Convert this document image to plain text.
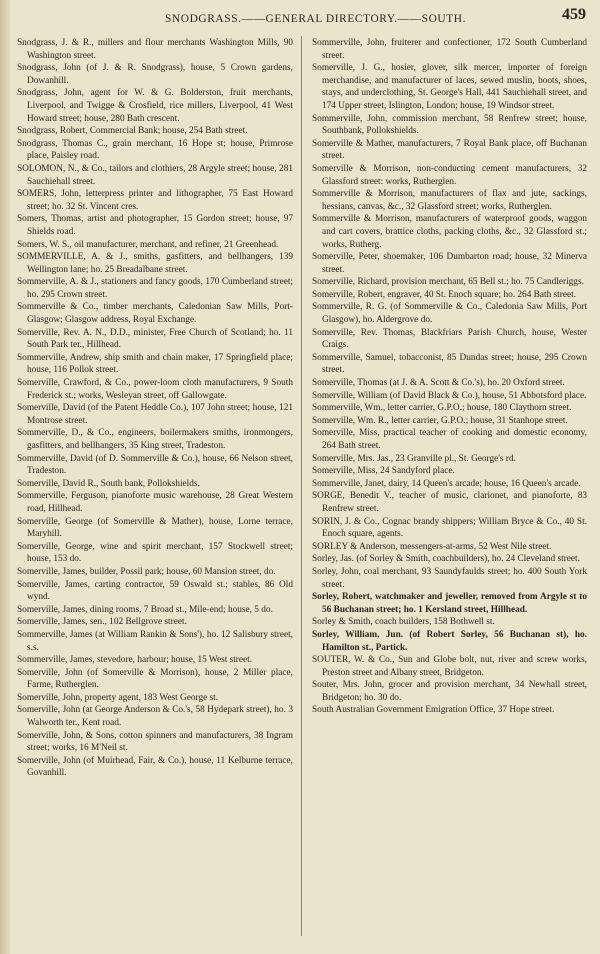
SNODGRASS.——GENERAL DIRECTORY.——SOUTH.	459

Snodgrass, J. & R., millers and flour merchants Washington Mills, 90 Washington street.

Snodgrass, John (of J. & R. Snodgrass), house, 5 Crown gardens, Dowanhill.

Snodgrass, John, agent for W. & G. Bolderston, fruit merchants, Liverpool, and Twigge & Crosfield, rice millers, Liverpool, 41 West Howard street; house, 280 Bath crescent.

Snodgrass, Robert, Commercial Bank; house, 254 Bath street.

Snodgrass, Thomas C., grain merchant, 16 Hope st; house, Primrose place, Paisley road.

SOLOMON, N., & Co., tailors and clothiers, 28 Argyle street; house, 281 Sauchiehall street.

SOMERS, John, letterpress printer and lithographer, 75 East Howard street; ho. 32 St. Vincent cres.

Somers, Thomas, artist and photographer, 15 Gordon street; house, 97 Shields road.

Somers, W. S., oil manufacturer, merchant, and refiner, 21 Greenhead.

SOMMERVILLE, A. & J., smiths, gasfitters, and bellhangers, 139 Wellington lane; ho. 25 Breadalbane street.

Sommerville, A. & J., stationers and fancy goods, 170 Cumberland street; ho. 295 Crown street.

Sommerville & Co., timber merchants, Caledonian Saw Mills, Port-Glasgow; Glasgow address, Royal Exchange.

Somerville, Rev. A. N., D.D., minister, Free Church of Scotland; ho. 11 South Park ter., Hillhead.

Sommerville, Andrew, ship smith and chain maker, 17 Springfield place; house, 116 Pollok street.

Somerville, Crawford, & Co., power-loom cloth manufacturers, 9 South Frederick st.; works, Wesleyan street, off Gallowgate.

Somerville, David (of the Patent Heddle Co.), 107 John street; house, 121 Montrose street.

Sommerville, D., & Co., engineers, boilermakers smiths, ironmongers, gasfitters, and bellhangers, 35 King street, Tradeston.

Sommerville, David (of D. Sommerville & Co.), house, 66 Nelson street, Tradeston.

Somerville, David R., South bank, Pollokshields.

Sommerville, Ferguson, pianoforte music warehouse, 28 Great Western road, Hillhead.

Somerville, George (of Somerville & Mather), house, Lorne terrace, Maryhill.

Somerville, George, wine and spirit merchant, 157 Stockwell street; house, 153 do.

Somerville, James, builder, Possil park; house, 60 Mansion street, do.

Somerville, James, carting contractor, 59 Oswald st.; stables, 86 Old wynd.

Somerville, James, dining rooms, 7 Broad st., Mile-end; house, 5 do.

Somerville, James, sen., 102 Bellgrove street.

Sommerville, James (at William Rankin & Sons'), ho. 12 Salisbury street, s.s.

Sommerville, James, stevedore, harbour; house, 15 West street.

Somerville, John (of Somerville & Morrison), house, 2 Miller place, Farme, Rutherglen.

Somerville, John, property agent, 183 West George st.

Somerville, John (at George Anderson & Co.'s, 58 Hydepark street), ho. 3 Walworth ter., Kent road.

Somerville, John, & Sons, cotton spinners and manufacturers, 38 Ingram street; works, 16 M'Neil st.

Somerville, John (of Muirhead, Fair, & Co.), house, 11 Kelburne terrace, Govanhill.

Sommerville, John, fruiterer and confectioner, 172 South Cumberland street.

Somerville, J. G., hosier, glover, silk mercer, importer of foreign merchandise, and manufacturer of laces, sewed muslin, boots, shoes, stays, and underclothing, St. George's Hall, 441 Sauchiehall street, and 174 Upper street, Islington, London; house, 19 Windsor street.

Sommerville, John, commission merchant, 58 Renfrew street; house, Southbank, Pollokshields.

Somerville & Mather, manufacturers, 7 Royal Bank place, off Buchanan street.

Somerville & Morrison, non-conducting cement manufacturers, 32 Glassford street: works, Rutherglen.

Sommerville & Morrison, manufacturers of flax and jute, sackings, hessians, canvas, &c., 32 Glassford street; works, Rutherglen.

Sommerville & Morrison, manufacturers of waterproof goods, waggon and cart covers, brattice cloths, packing cloths, &c., 32 Glassford st.; works, Rutherg.

Somerville, Peter, shoemaker, 106 Dumbarton road; house, 32 Minerva street.

Somerville, Richard, provision merchant, 65 Bell st.; ho. 75 Candleriggs.

Somerville, Robert, engraver, 40 St. Enoch square; ho. 264 Bath street.

Sommerville, R. G. (of Sommerville & Co., Caledonia Saw Mills, Port Glasgow), ho. Aldergrove do.

Somerville, Rev. Thomas, Blackfriars Parish Church, house, Wester Craigs.

Sommerville, Samuel, tobacconist, 85 Dundas street; house, 295 Crown street.

Somerville, Thomas (at J. & A. Scott & Co.'s), ho. 20 Oxford street.

Somerville, William (of David Black & Co.), house, 51 Abbotsford place.

Sommerville, Wm., letter carrier, G.P.O.; house, 180 Claythorn street.

Somerville, Wm. R., letter carrier, G.P.O.; house, 31 Stanhope street.

Somerville, Miss, practical teacher of cooking and domestic economy, 264 Bath street.

Somerville, Mrs. Jas., 23 Granville pl., St. George's rd.

Somerville, Miss, 24 Sandyford place.

Sommerville, Janet, dairy, 14 Queen's arcade; house, 16 Queen's arcade.

SORGE, Benedit V., teacher of music, clarionet, and pianoforte, 83 Renfrew street.

SORIN, J. & Co., Cognac brandy shippers; William Bryce & Co., 40 St. Enoch square, agents.

SORLEY & Anderson, messengers-at-arms, 52 West Nile street.

Sorley, Jas. (of Sorley & Smith, coachbuilders), ho. 24 Cleveland street.

Sorley, John, coal merchant, 93 Saundyfaulds street; ho. 400 South York street.

Sorley, Robert, watchmaker and jeweller, removed from Argyle st to 56 Buchanan street; ho. 1 Kersland street, Hillhead.

Sorley & Smith, coach builders, 158 Bothwell st.

Sorley, William, Jun. (of Robert Sorley, 56 Buchanan st), ho. Hamilton st., Partick.

SOUTER, W. & Co., Sun and Globe bolt, nut, river and screw works, Preston street and Albany street, Bridgeton.

Souter, Mrs. John, grocer and provision merchant, 34 Newhall street, Bridgeton; ho. 30 do.

South Australian Government Emigration Office, 37 Hope street.
